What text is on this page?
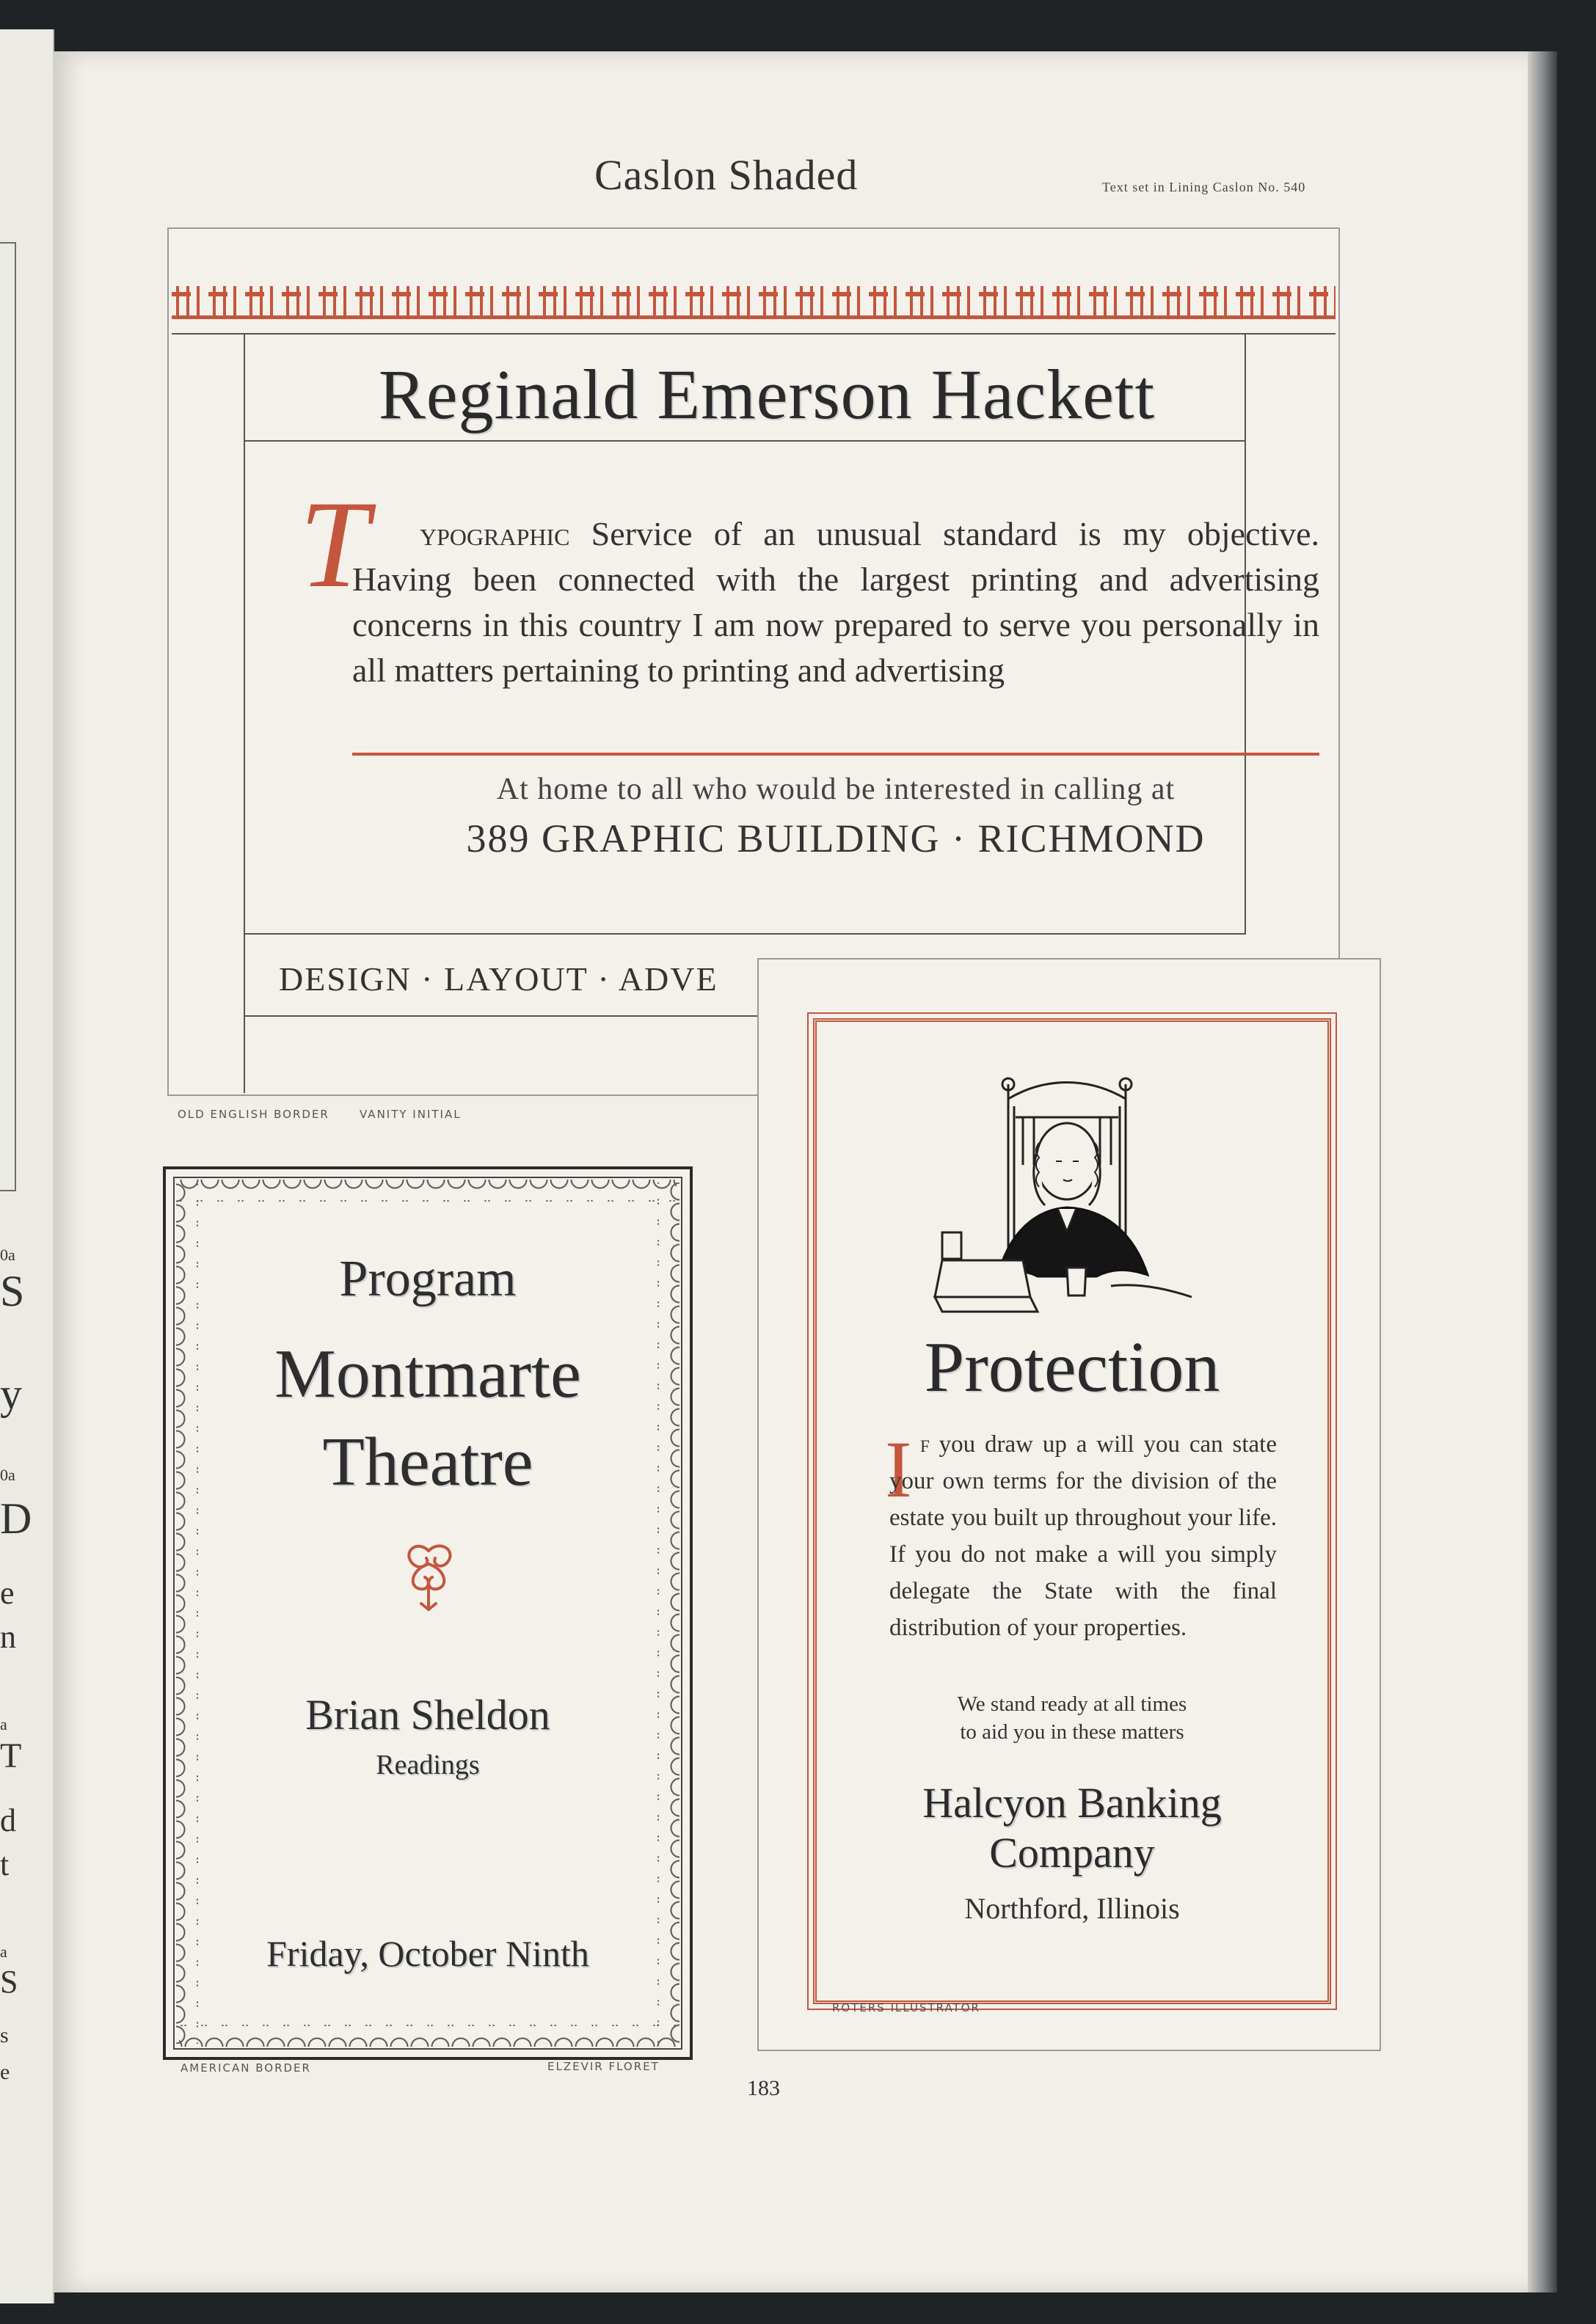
0a
S
y
0a
D
e
n
a
T
d
t
a
S
s
e
Caslon Shaded	Text set in Lining Caslon No. 540
Reginald Emerson Hackett
T	ypographic Service of an unusual standard is my objective. Having been connected with the largest printing and advertising concerns in this country I am now prepared to serve you personally in all matters pertaining to printing and advertising
At home to all who would be interested in calling at
389 GRAPHIC BUILDING · RICHMOND
DESIGN · LAYOUT · ADVE
OLD ENGLISH BORDER	VANITY INITIAL
Program
Montmarte
Theatre
Brian Sheldon
Readings
Friday, October Ninth
AMERICAN BORDER	ELZEVIR FLORET
Protection
I f you draw up a will you can state your own terms for the division of the estate you built up throughout your life. If you do not make a will you simply delegate the State with the final distribution of your properties.
We stand ready at all times
to aid you in these matters
Halcyon Banking
Company
Northford, Illinois
ROTERS ILLUSTRATOR
183
